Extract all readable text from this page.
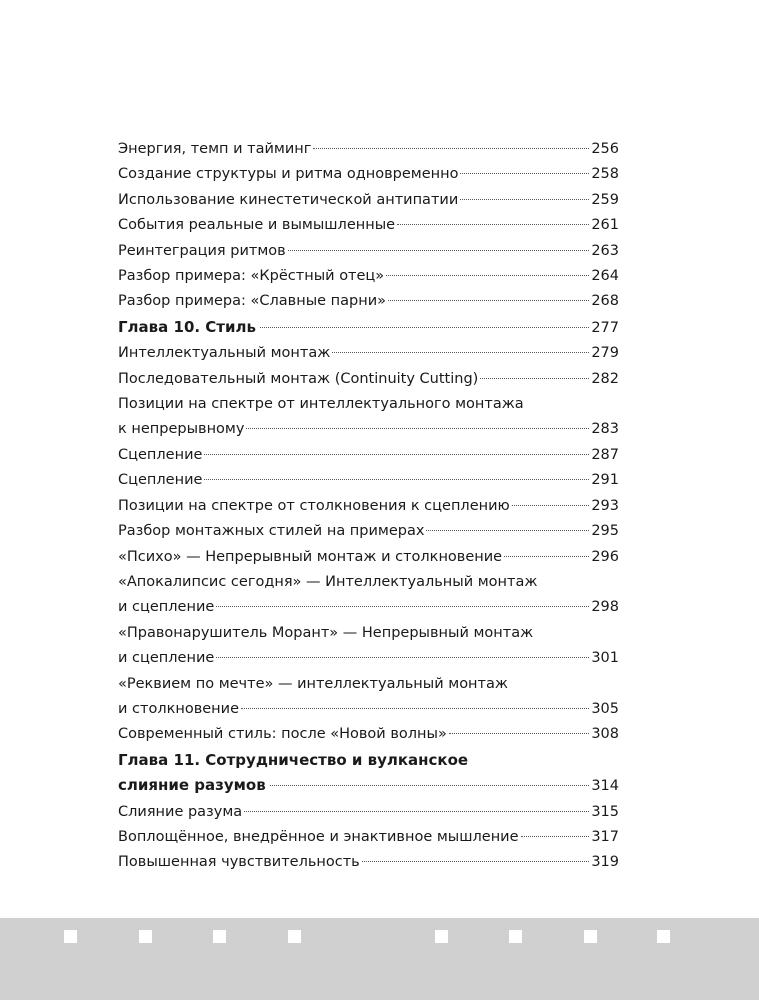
Энергия, темп и тайминг	256
Создание структуры и ритма одновременно	258
Использование кинестетической антипатии	259
События реальные и вымышленные	261
Реинтеграция ритмов	263
Разбор примера: «Крёстный отец»	264
Разбор примера: «Славные парни»	268
Глава 10. Стиль	277
Интеллектуальный монтаж	279
Последовательный монтаж (Continuity Cutting)	282
Позиции на спектре от интеллектуального монтажа
к непрерывному	283
Сцепление	287
Сцепление	291
Позиции на спектре от столкновения к сцеплению	293
Разбор монтажных стилей на примерах	295
«Психо» — Непрерывный монтаж и столкновение	296
«Апокалипсис сегодня» — Интеллектуальный монтаж
и сцепление	298
«Правонарушитель Морант» — Непрерывный монтаж
и сцепление	301
«Реквием по мечте» — интеллектуальный монтаж
и столкновение	305
Современный стиль: после «Новой волны»	308
Глава 11. Сотрудничество и вулканское
слияние разумов	314
Слияние разума	315
Воплощённое, внедрённое и энактивное мышление	317
Повышенная чувствительность	319
